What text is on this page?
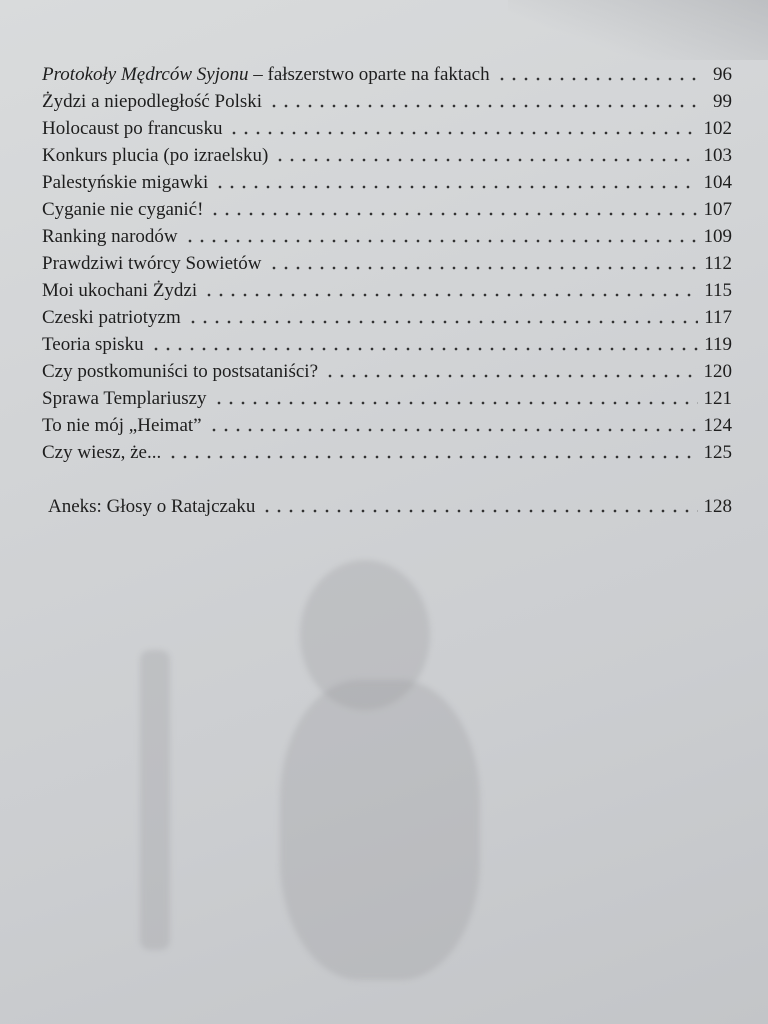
Protokoły Mędrców Syjonu – fałszerstwo oparte na faktach	96
Żydzi a niepodległość Polski	99
Holocaust po francusku	102
Konkurs plucia (po izraelsku)	103
Palestyńskie migawki	104
Cyganie nie cyganić!	107
Ranking narodów	109
Prawdziwi twórcy Sowietów	112
Moi ukochani Żydzi	115
Czeski patriotyzm	117
Teoria spisku	119
Czy postkomuniści to postsataniści?	120
Sprawa Templariuszy	121
To nie mój „Heimat”	124
Czy wiesz, że...	125
Aneks: Głosy o Ratajczaku	128
